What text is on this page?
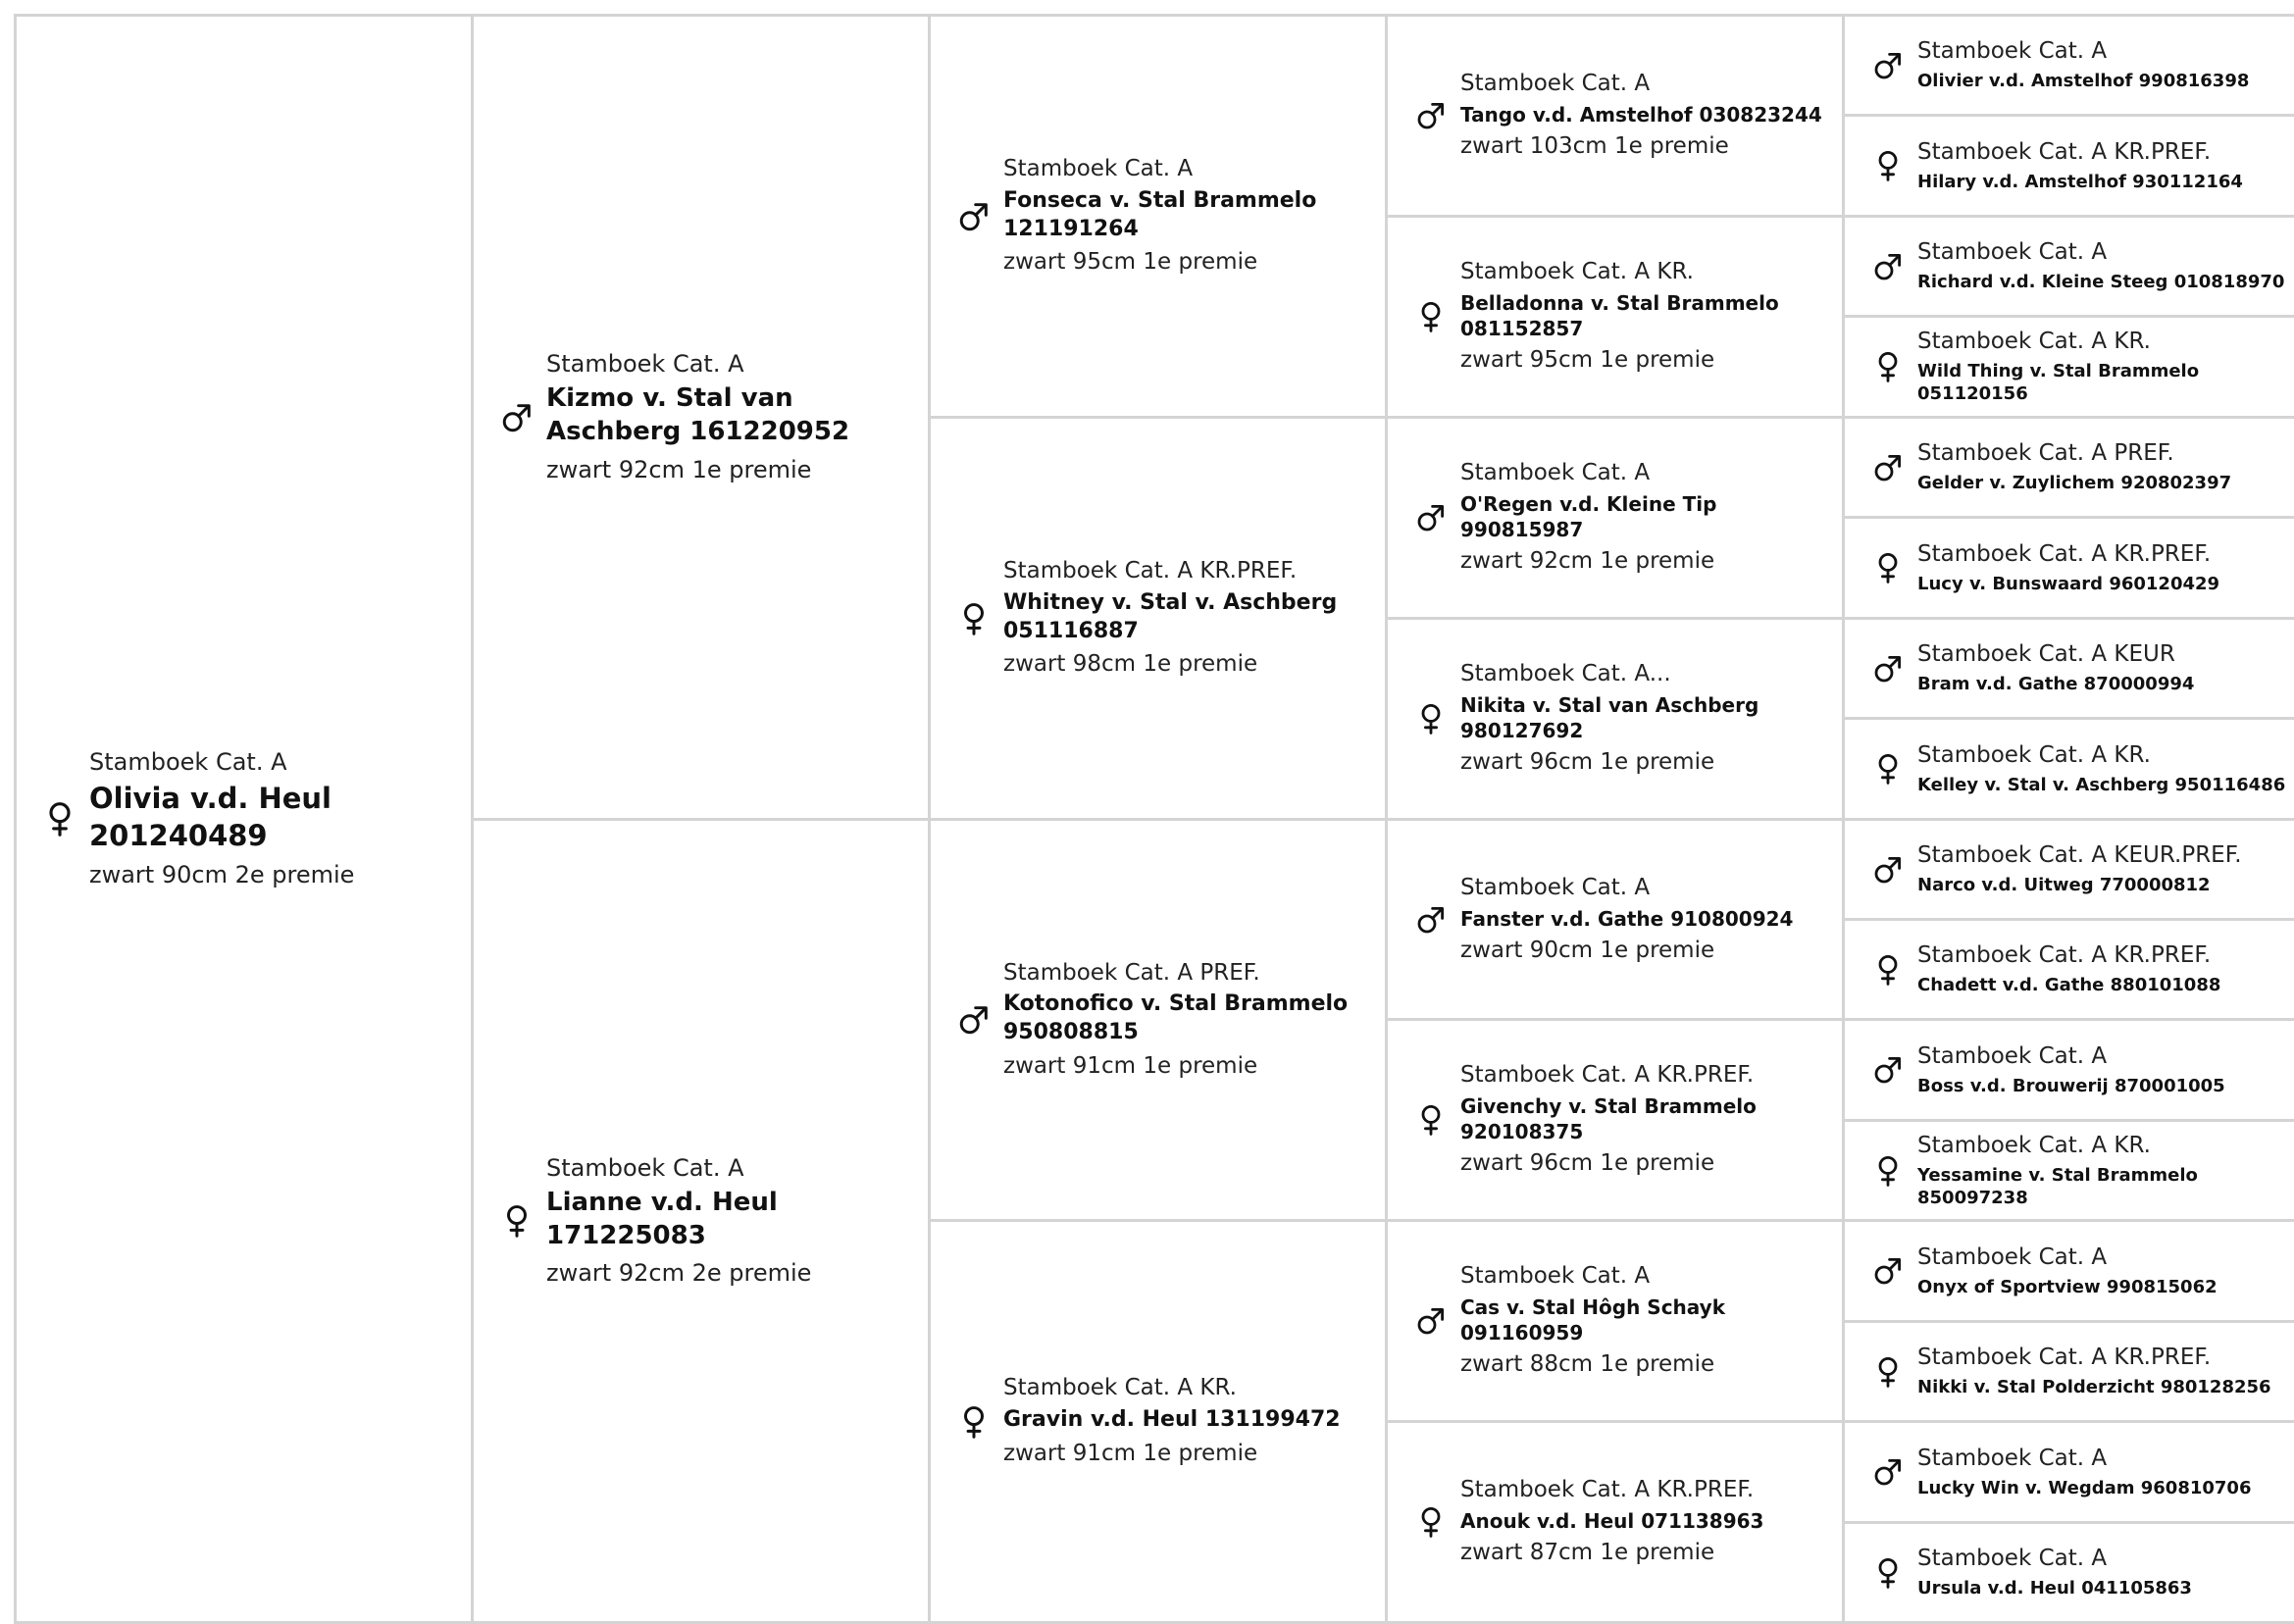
Stamboek Cat. A
Olivia v.d. Heul 201240489
zwart 90cm 2e premie
Stamboek Cat. A
Kizmo v. Stal van Aschberg 161220952
zwart 92cm 1e premie
Stamboek Cat. A
Lianne v.d. Heul 171225083
zwart 92cm 2e premie
Stamboek Cat. A
Fonseca v. Stal Brammelo 121191264
zwart 95cm 1e premie
Stamboek Cat. A KR.PREF.
Whitney v. Stal v. Aschberg 051116887
zwart 98cm 1e premie
Stamboek Cat. A PREF.
Kotonofico v. Stal Brammelo 950808815
zwart 91cm 1e premie
Stamboek Cat. A KR.
Gravin v.d. Heul 131199472
zwart 91cm 1e premie
Stamboek Cat. A
Tango v.d. Amstelhof 030823244
zwart 103cm 1e premie
Stamboek Cat. A KR.
Belladonna v. Stal Brammelo 081152857
zwart 95cm 1e premie
Stamboek Cat. A
O'Regen v.d. Kleine Tip 990815987
zwart 92cm 1e premie
Stamboek Cat. A...
Nikita v. Stal van Aschberg 980127692
zwart 96cm 1e premie
Stamboek Cat. A
Fanster v.d. Gathe 910800924
zwart 90cm 1e premie
Stamboek Cat. A KR.PREF.
Givenchy v. Stal Brammelo 920108375
zwart 96cm 1e premie
Stamboek Cat. A
Cas v. Stal Hôgh Schayk 091160959
zwart 88cm 1e premie
Stamboek Cat. A KR.PREF.
Anouk v.d. Heul 071138963
zwart 87cm 1e premie
Stamboek Cat. A
Olivier v.d. Amstelhof 990816398
Stamboek Cat. A KR.PREF.
Hilary v.d. Amstelhof 930112164
Stamboek Cat. A
Richard v.d. Kleine Steeg 010818970
Stamboek Cat. A KR.
Wild Thing v. Stal Brammelo 051120156
Stamboek Cat. A PREF.
Gelder v. Zuylichem 920802397
Stamboek Cat. A KR.PREF.
Lucy v. Bunswaard 960120429
Stamboek Cat. A KEUR
Bram v.d. Gathe 870000994
Stamboek Cat. A KR.
Kelley v. Stal v. Aschberg 950116486
Stamboek Cat. A KEUR.PREF.
Narco v.d. Uitweg 770000812
Stamboek Cat. A KR.PREF.
Chadett v.d. Gathe 880101088
Stamboek Cat. A
Boss v.d. Brouwerij 870001005
Stamboek Cat. A KR.
Yessamine v. Stal Brammelo 850097238
Stamboek Cat. A
Onyx of Sportview 990815062
Stamboek Cat. A KR.PREF.
Nikki v. Stal Polderzicht 980128256
Stamboek Cat. A
Lucky Win v. Wegdam 960810706
Stamboek Cat. A
Ursula v.d. Heul 041105863
